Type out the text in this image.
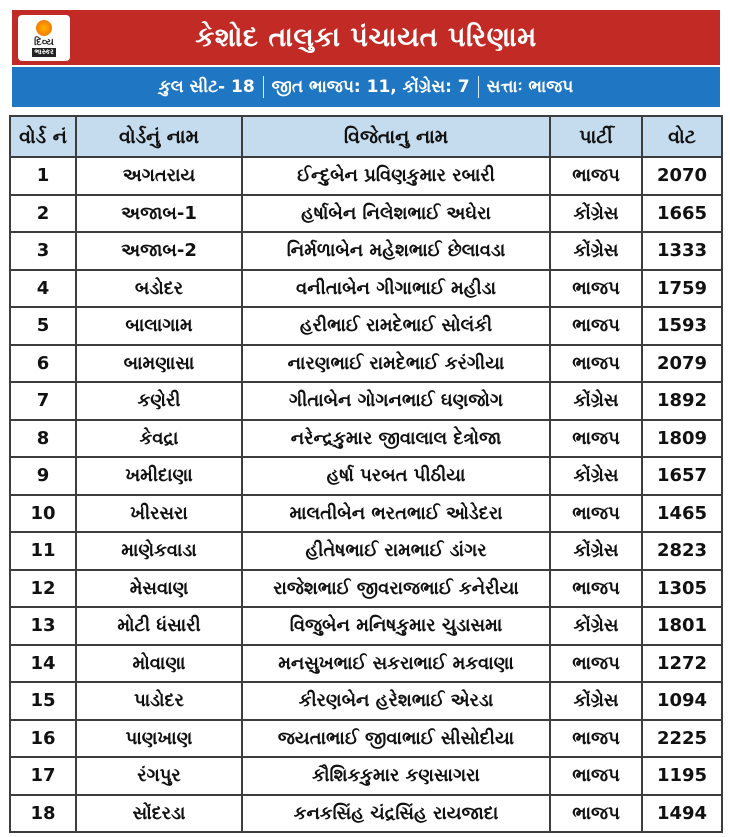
કેશોદ તાલુકા પંચાયત પરિણામ
દિવ્ય
ભાસ્કર
કુલ સીટ- 18 જીત ભાજપ: 11, કોંગ્રેસ: 7 સત્તાઃ ભાજપ
વોર્ડ નં	વોર્ડનું નામ	વિજેતાનુ નામ	પાર્ટી	વોટ
1	અગતરાય	ઈન્દુબેન પ્રવિણકુમાર રબારી	ભાજપ	2070
2	અજાબ-1	હર્ષાબેન નિલેશભાઈ અઘેરા	કોંગ્રેસ	1665
3	અજાબ-2	નિર્મળાબેન મહેશભાઈ છેલાવડા	કોંગ્રેસ	1333
4	બડોદર	વનીતાબેન ગીગાભાઈ મહીડા	ભાજપ	1759
5	બાલાગામ	હરીભાઈ રામદેભાઈ સોલંકી	ભાજપ	1593
6	બામણાસા	નારણભાઈ રામદેભાઈ કરંગીયા	ભાજપ	2079
7	કણેરી	ગીતાબેન ગોગનભાઈ ઘણજોગ	કોંગ્રેસ	1892
8	કેવદ્રા	નરેન્દ્રકુમાર જીવાલાલ દેત્રોજા	ભાજપ	1809
9	ખમીદાણા	હર્ષા પરબત પીઠીયા	કોંગ્રેસ	1657
10	ખીરસરા	માલતીબેન ભરતભાઈ ઓડેદરા	ભાજપ	1465
11	માણેકવાડા	હીતેષભાઈ રામભાઈ ડાંગર	કોંગ્રેસ	2823
12	મેસવાણ	રાજેશભાઈ જીવરાજભાઈ કનેરીયા	ભાજપ	1305
13	મોટી ધંસારી	વિજુબેન મનિષકુમાર ચુડાસમા	કોંગ્રેસ	1801
14	મોવાણા	મનસુખભાઈ સકરાભાઈ મકવાણા	ભાજપ	1272
15	પાડોદર	કીરણબેન હરેશભાઈ એરડા	કોંગ્રેસ	1094
16	પાણખાણ	જયતાભાઈ જીવાભાઈ સીસોદીયા	ભાજપ	2225
17	રંગપુર	કૌશિકકુમાર કણસાગરા	ભાજપ	1195
18	સોંદરડા	કનકસિંહ ચંદ્રસિંહ રાયજાદા	ભાજપ	1494
